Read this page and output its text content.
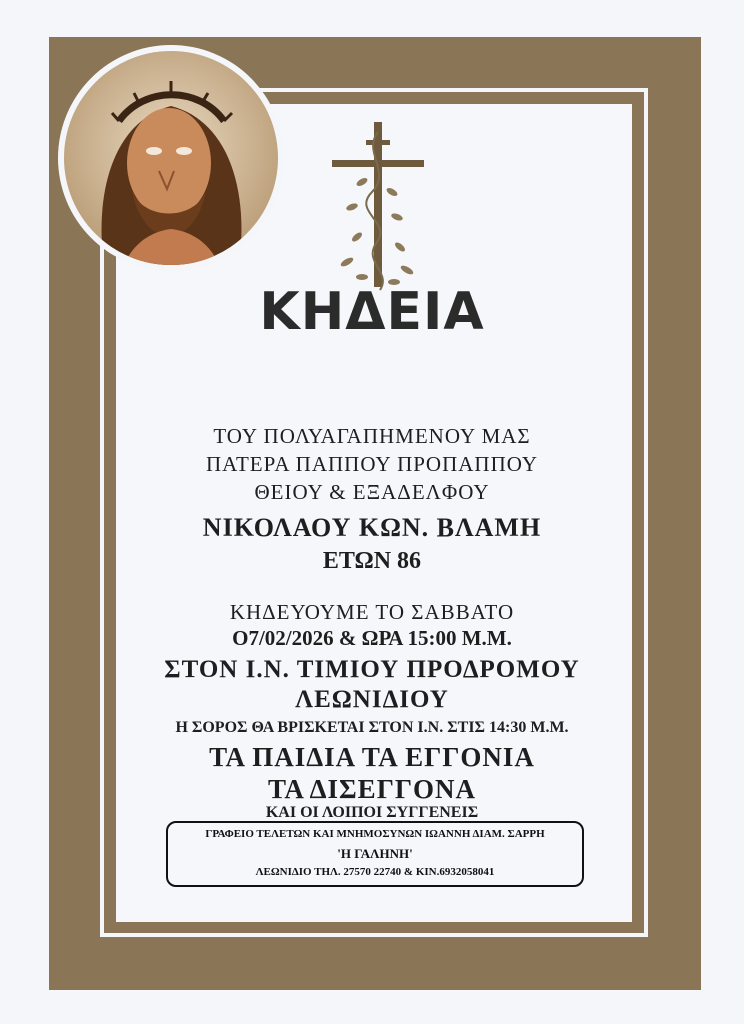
ΚΗΔΕΙΑ
ΤΟΥ ΠΟΛΥΑΓΑΠΗΜΕΝΟΥ ΜΑΣ
ΠΑΤΕΡΑ ΠΑΠΠΟΥ ΠΡΟΠΑΠΠΟΥ
ΘΕΙΟΥ & ΕΞΑΔΕΛΦΟΥ
ΝΙΚΟΛΑΟΥ ΚΩΝ. ΒΛΑΜΗ
ΕΤΩΝ 86
ΚΗΔΕΥΟΥΜΕ ΤΟ ΣΑΒΒΑΤΟ
Ο7/02/2026 & ΩΡΑ 15:00 Μ.Μ.
ΣΤΟΝ Ι.Ν. ΤΙΜΙΟΥ ΠΡΟΔΡΟΜΟΥ
ΛΕΩΝΙΔΙΟΥ
Η ΣΟΡΟΣ ΘΑ ΒΡΙΣΚΕΤΑΙ ΣΤΟΝ Ι.Ν. ΣΤΙΣ 14:30 Μ.Μ.
ΤΑ ΠΑΙΔΙΑ ΤΑ ΕΓΓΟΝΙΑ
ΤΑ ΔΙΣΕΓΓΟΝΑ
ΚΑΙ ΟΙ ΛΟΙΠΟΙ ΣΥΓΓΕΝΕΙΣ
ΓΡΑΦΕΙΟ ΤΕΛΕΤΩΝ ΚΑΙ ΜΝΗΜΟΣΥΝΩΝ ΙΩΑΝΝΗ ΔΙΑΜ. ΣΑΡΡΗ
'Η ΓΑΛΗΝΗ'
ΛΕΩΝΙΔΙΟ ΤΗΛ. 27570 22740 & ΚΙΝ.6932058041
